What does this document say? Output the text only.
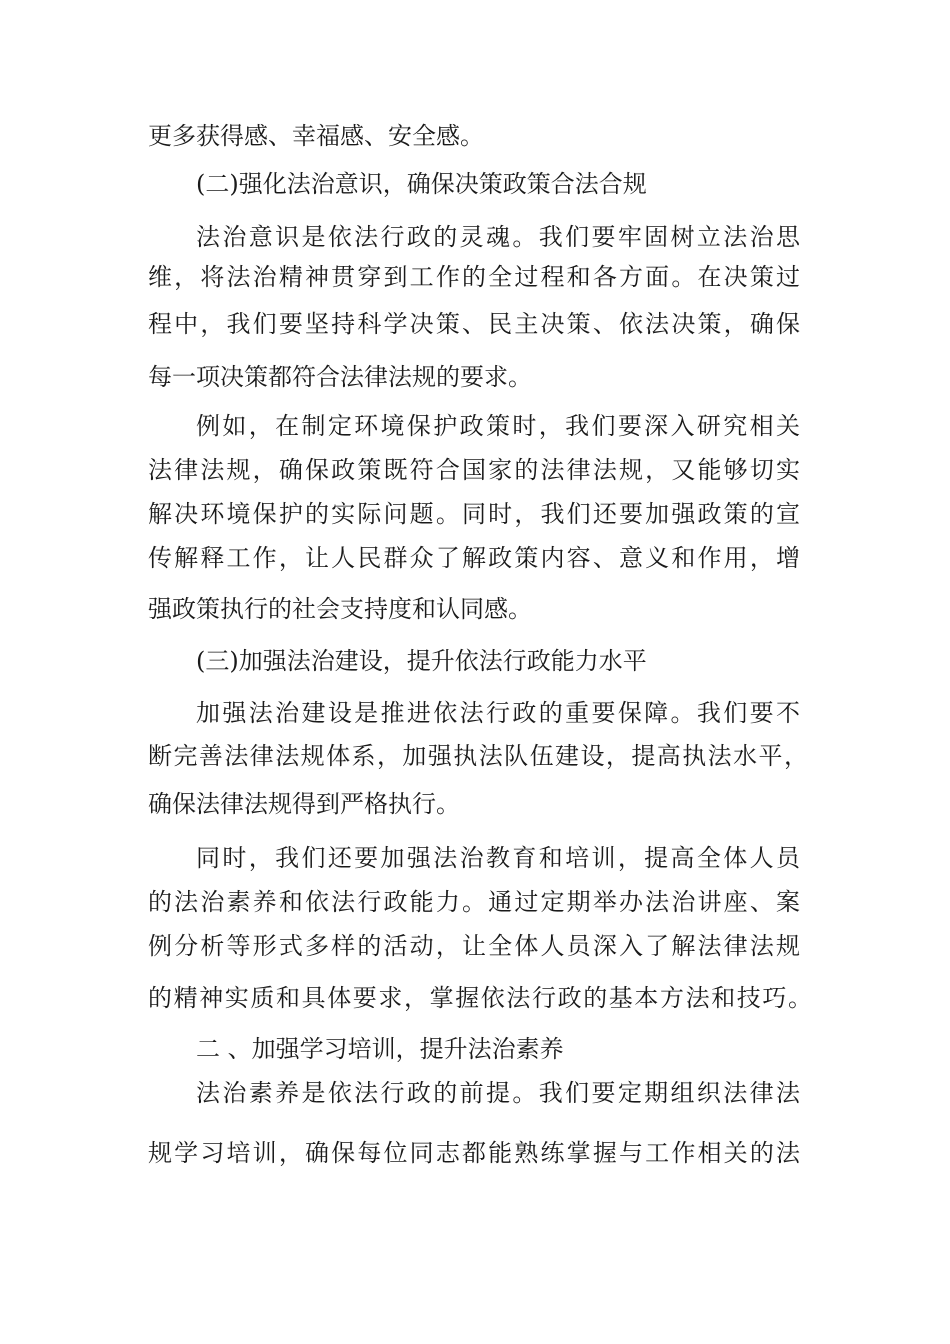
更多获得感、幸福感、安全感。
(二)强化法治意识，确保决策政策合法合规
法治意识是依法行政的灵魂。我们要牢固树立法治思
维，将法治精神贯穿到工作的全过程和各方面。在决策过
程中，我们要坚持科学决策、民主决策、依法决策，确保
每一项决策都符合法律法规的要求。
例如，在制定环境保护政策时，我们要深入研究相关
法律法规，确保政策既符合国家的法律法规，又能够切实
解决环境保护的实际问题。同时，我们还要加强政策的宣
传解释工作，让人民群众了解政策内容、意义和作用，增
强政策执行的社会支持度和认同感。
(三)加强法治建设，提升依法行政能力水平
加强法治建设是推进依法行政的重要保障。我们要不
断完善法律法规体系，加强执法队伍建设，提高执法水平，
确保法律法规得到严格执行。
同时，我们还要加强法治教育和培训，提高全体人员
的法治素养和依法行政能力。通过定期举办法治讲座、案
例分析等形式多样的活动，让全体人员深入了解法律法规
的精神实质和具体要求，掌握依法行政的基本方法和技巧。
二 、加强学习培训，提升法治素养
法治素养是依法行政的前提。我们要定期组织法律法
规学习培训，确保每位同志都能熟练掌握与工作相关的法
